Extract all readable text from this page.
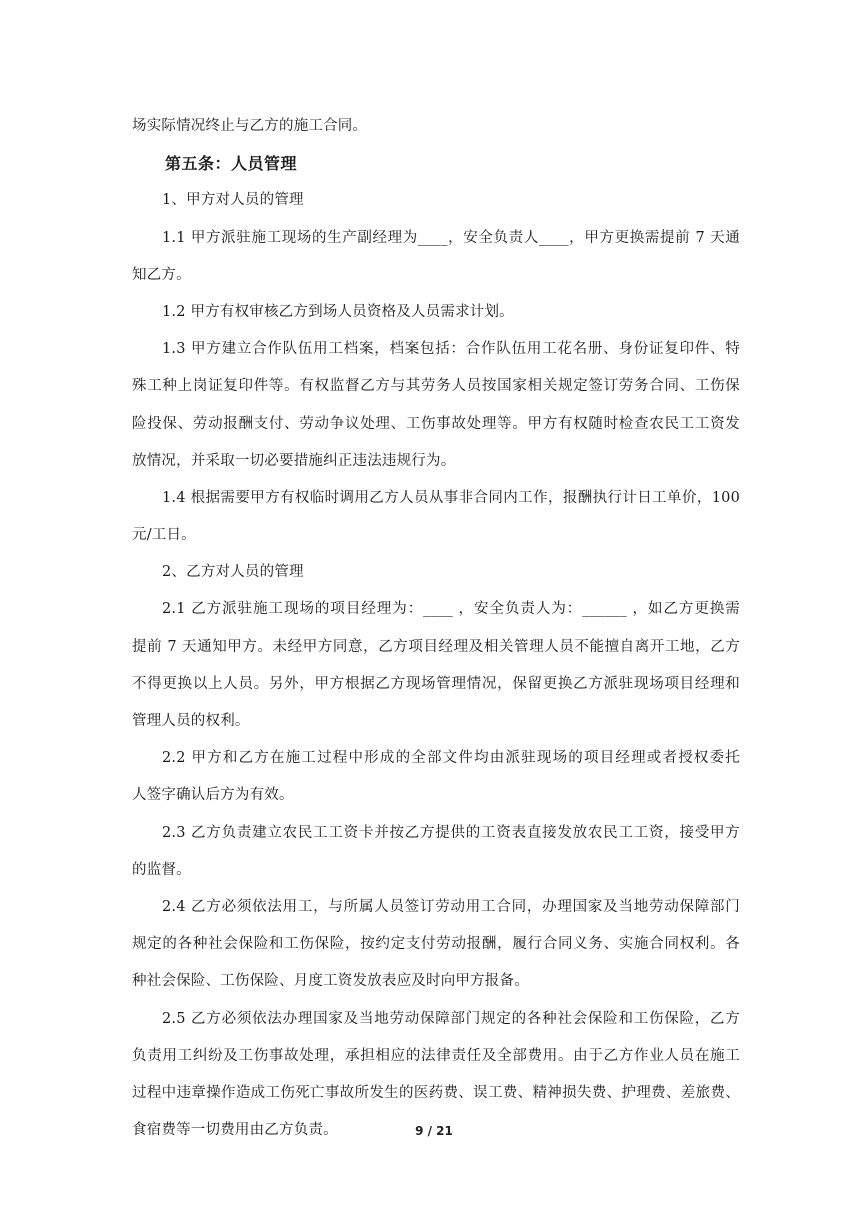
场实际情况终止与乙方的施工合同。
第五条：人员管理
1、甲方对人员的管理
1.1 甲方派驻施工现场的生产副经理为____，安全负责人____，甲方更换需提前 7 天通
知乙方。
1.2 甲方有权审核乙方到场人员资格及人员需求计划。
1.3 甲方建立合作队伍用工档案，档案包括：合作队伍用工花名册、身份证复印件、特
殊工种上岗证复印件等。有权监督乙方与其劳务人员按国家相关规定签订劳务合同、工伤保
险投保、劳动报酬支付、劳动争议处理、工伤事故处理等。甲方有权随时检查农民工工资发
放情况，并采取一切必要措施纠正违法违规行为。
1.4 根据需要甲方有权临时调用乙方人员从事非合同内工作，报酬执行计日工单价，100
元/工日。
2、乙方对人员的管理
2.1 乙方派驻施工现场的项目经理为：____ ，安全负责人为：______ ，如乙方更换需
提前 7 天通知甲方。未经甲方同意，乙方项目经理及相关管理人员不能擅自离开工地，乙方
不得更换以上人员。另外，甲方根据乙方现场管理情况，保留更换乙方派驻现场项目经理和
管理人员的权利。
2.2 甲方和乙方在施工过程中形成的全部文件均由派驻现场的项目经理或者授权委托
人签字确认后方为有效。
2.3 乙方负责建立农民工工资卡并按乙方提供的工资表直接发放农民工工资，接受甲方
的监督。
2.4 乙方必须依法用工，与所属人员签订劳动用工合同，办理国家及当地劳动保障部门
规定的各种社会保险和工伤保险，按约定支付劳动报酬，履行合同义务、实施合同权利。各
种社会保险、工伤保险、月度工资发放表应及时向甲方报备。
2.5 乙方必须依法办理国家及当地劳动保障部门规定的各种社会保险和工伤保险，乙方
负责用工纠纷及工伤事故处理，承担相应的法律责任及全部费用。由于乙方作业人员在施工
过程中违章操作造成工伤死亡事故所发生的医药费、误工费、精神损失费、护理费、差旅费、
食宿费等一切费用由乙方负责。	9 / 21
